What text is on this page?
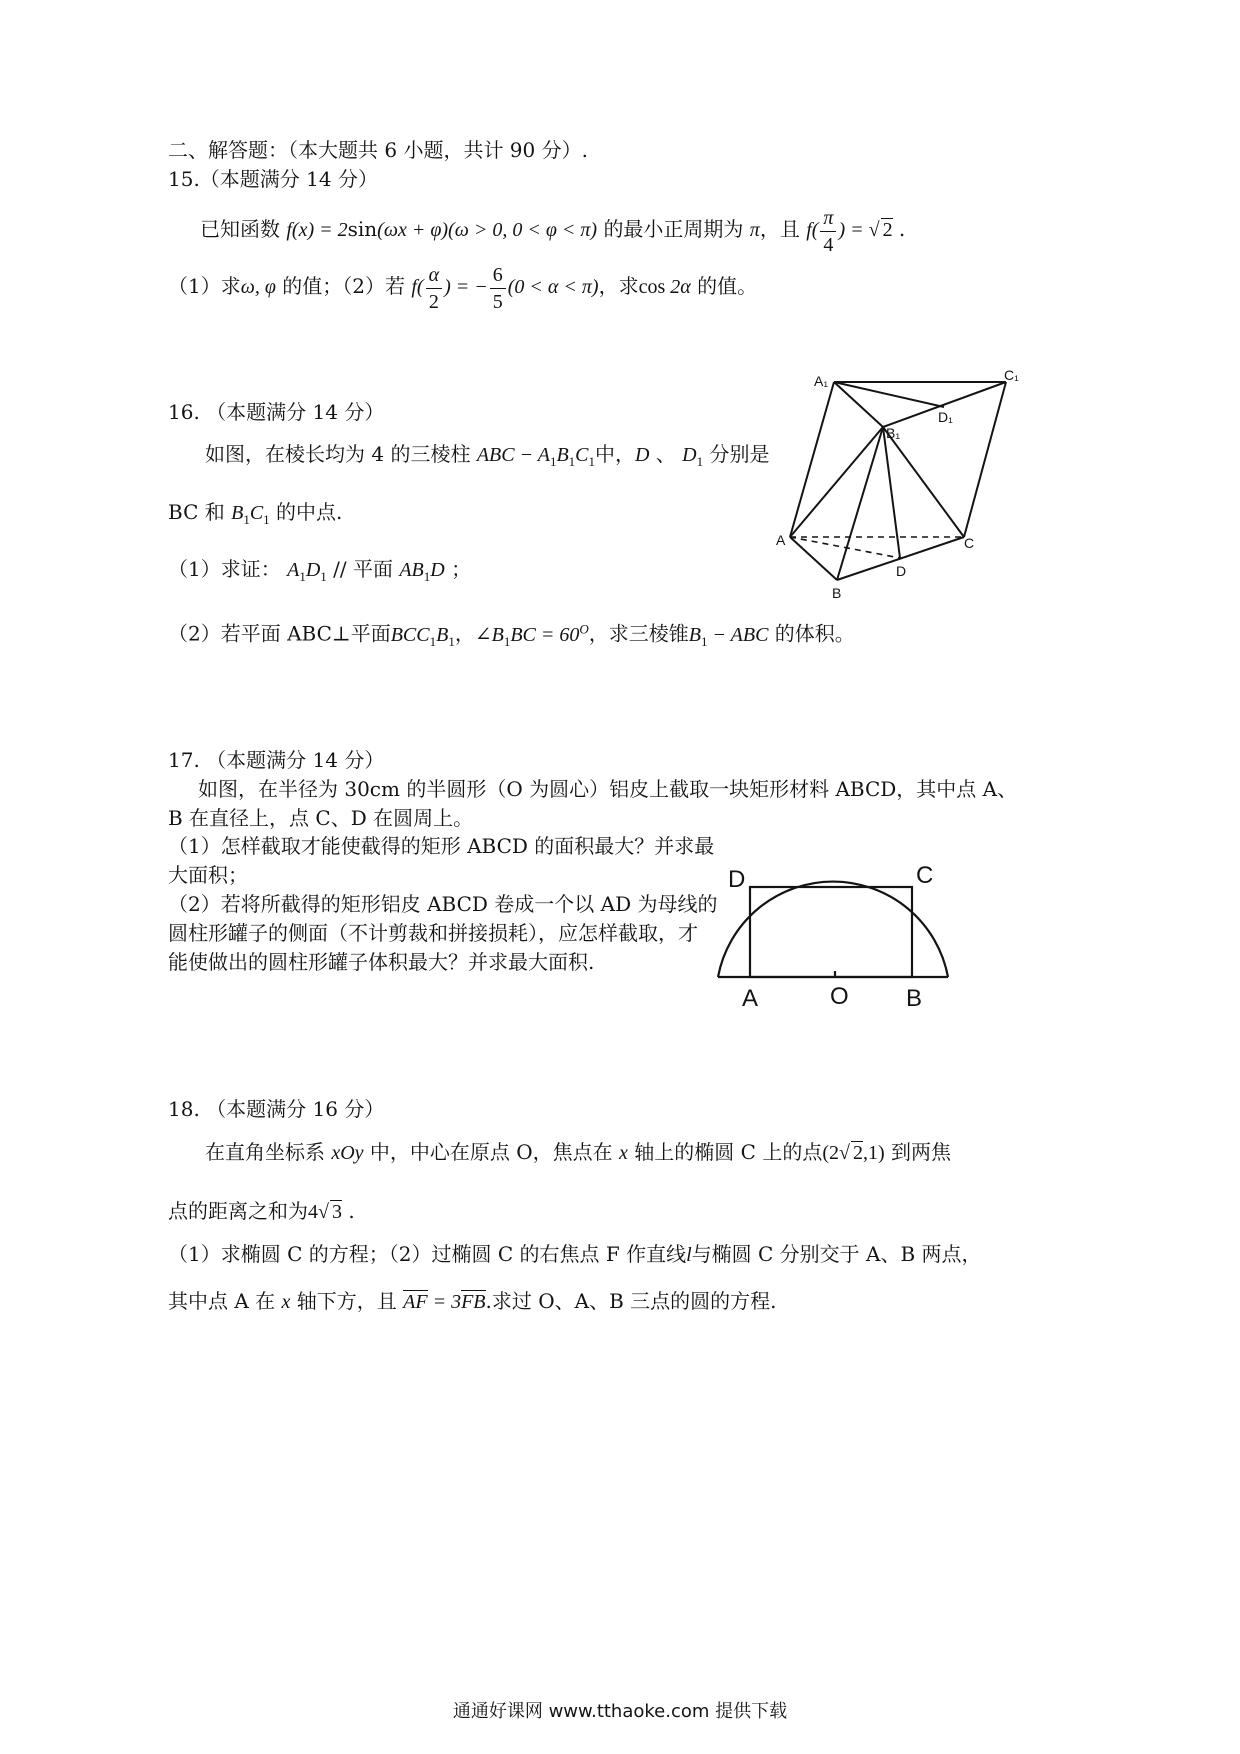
二、解答题：（本大题共 6 小题，共计 90 分）.
15.（本题满分 14 分）
已知函数 f(x) = 2sin(ωx + φ)(ω > 0, 0 < φ < π) 的最小正周期为 π，且 $f( \frac{\pi}{4}$ ) = √ 2 .
（1）求ω, φ 的值；（2）若 $f( \frac{\alpha}{2}$ ) = − $\frac{6}{5} (0 < \alpha < \pi)$，求cos 2α 的值。
16. （本题满分 14 分）
如图，在棱长均为 4 的三棱柱 ABC − $A_1B_1C_1$中，D 、 $D_1$ 分别是
BC 和 $B_1C_1$ 的中点.
（1）求证： $A_1D_1$ // 平面 $AB_1D$ ；
（2）若平面 ABC⊥平面$BCC_1B_1$，$\angle B_1BC = 60^O$，求三棱锥$B_1$ − ABC 的体积。
A₁	C₁
D₁
B₁
A
B
C
D
17. （本题满分 14 分）
如图，在半径为 30cm 的半圆形（O 为圆心）铝皮上截取一块矩形材料 ABCD，其中点 A、
B 在直径上，点 C、D 在圆周上。
（1）怎样截取才能使截得的矩形 ABCD 的面积最大？并求最
大面积；
（2）若将所截得的矩形铝皮 ABCD 卷成一个以 AD 为母线的
圆柱形罐子的侧面（不计剪裁和拼接损耗），应怎样截取，才
能使做出的圆柱形罐子体积最大？并求最大面积.
D	C
A	O B
18. （本题满分 16 分）
在直角坐标系 xOy 中，中心在原点 O，焦点在 x 轴上的椭圆 C 上的点(2√ 2,1) 到两焦
点的距离之和为4√ 3 .
（1）求椭圆 C 的方程；（2）过椭圆 C 的右焦点 F 作直线l与椭圆 C 分别交于 A、B 两点，
其中点 A 在 x 轴下方，且 AF = 3FB.求过 O、A、B 三点的圆的方程.
通通好课网 www.tthaoke.com 提供下载
